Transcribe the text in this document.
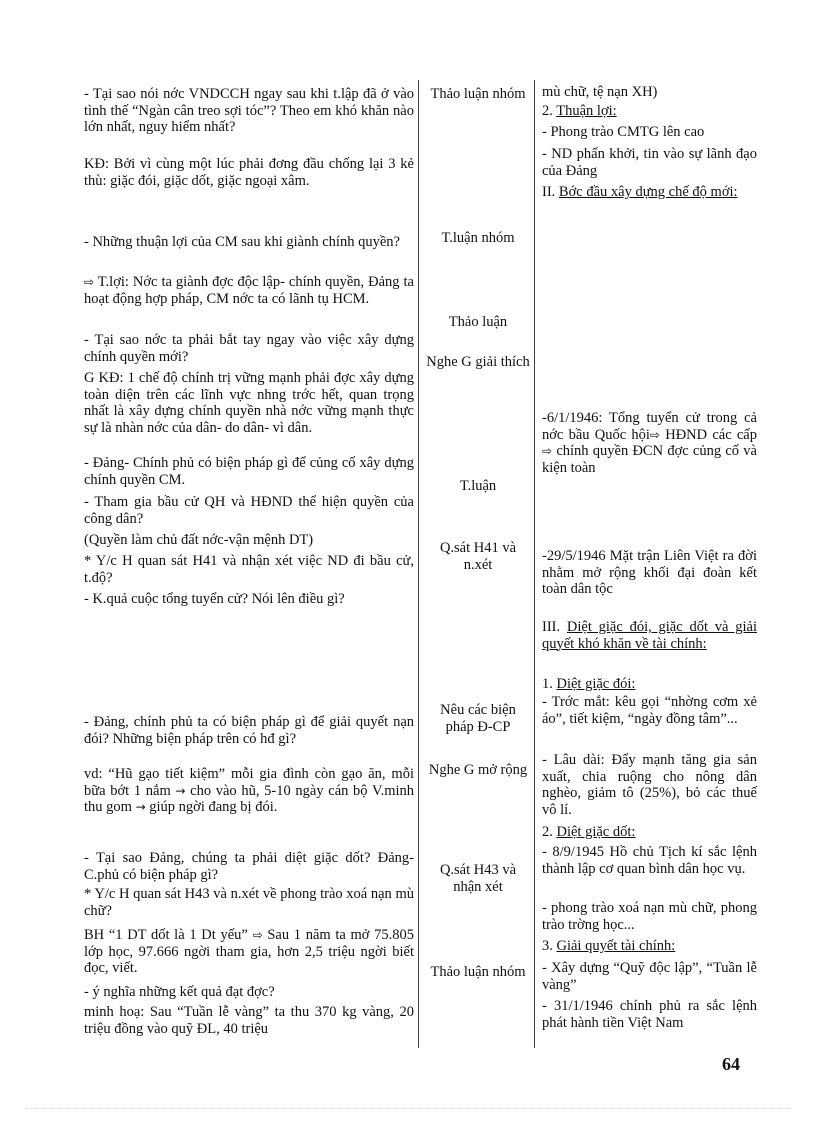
- Tại sao nói nớc VNDCCH ngay sau khi t.lập đã ở vào tình thế “Ngàn cân treo sợi tóc”? Theo em khó khăn nào lớn nhất, nguy hiểm nhất?

KĐ: Bởi vì cùng một lúc phải đơng đầu chống lại 3 kẻ thù: giặc đói, giặc dốt, giặc ngoại xâm.

- Những thuận lợi của CM sau khi giành chính quyền?

⇨ T.lợi: Nớc ta giành đợc độc lập- chính quyền, Đảng ta hoạt động hợp pháp, CM nớc ta có lãnh tụ HCM.

- Tại sao nớc ta phải bắt tay ngay vào việc xây dựng chính quyền mới?

G KĐ: 1 chế độ chính trị vững mạnh phải đợc xây dựng toàn diện trên các lĩnh vực nhng trớc hết, quan trọng nhất là xây dựng chính quyền nhà nớc vững mạnh thực sự là nhàn nớc của dân- do dân- vì dân.

- Đảng- Chính phủ có biện pháp gì để củng cố xây dựng chính quyền CM.

- Tham gia bầu cử QH và HĐND thể hiện quyền của công dân?

(Quyền làm chủ đất nớc-vận mệnh DT)

* Y/c H quan sát H41 và nhận xét việc ND đi bầu cử, t.độ?

- K.quả cuộc tổng tuyển cử? Nói lên điều gì?

- Đảng, chính phủ ta có biện pháp gì để giải quyết nạn đói? Những biện pháp trên có hđ gì?

vd: “Hũ gạo tiết kiệm” mỗi gia đình còn gạo ăn, mỗi bữa bớt 1 nắm → cho vào hũ, 5-10 ngày cán bộ V.minh thu gom → giúp ngời đang bị đói.

- Tại sao Đảng, chúng ta phải diệt giặc dốt? Đảng- C.phủ có biện pháp gì?

* Y/c H quan sát H43 và n.xét về phong trào xoá nạn mù chữ?

BH “1 DT dốt là 1 Dt yếu” ⇨ Sau 1 năm ta mở 75.805 lớp học, 97.666 ngời tham gia, hơn 2,5 triệu ngời biết đọc, viết.

- ý nghĩa những kết quả đạt đợc?

minh hoạ: Sau “Tuần lễ vàng” ta thu 370 kg vàng, 20 triệu đồng vào quỹ ĐL, 40 triệu

Thảo luận nhóm

T.luận nhóm

Thảo luận

Nghe G giải thích

T.luận

Q.sát H41 và n.xét

Nêu các biện pháp Đ-CP

Nghe G mở rộng

Q.sát H43 và nhận xét

Thảo luận nhóm

mù chữ, tệ nạn XH)

2. Thuận lợi:

- Phong trào CMTG lên cao

- ND phấn khởi, tin vào sự lãnh đạo của Đảng

II. Bớc đầu xây dựng chế độ mới:

-6/1/1946: Tổng tuyển cử trong cả nớc bầu Quốc hội⇨ HĐND các cấp⇨ chính quyền ĐCN đợc củng cố và kiện toàn

-29/5/1946 Mặt trận Liên Việt ra đời nhằm mở rộng khối đại đoàn kết toàn dân tộc

III. Diệt giặc đói, giặc dốt và giải quyết khó khăn về tài chính:

1. Diệt giặc đói:

- Trớc mắt: kêu gọi “nhờng cơm xẻ áo”, tiết kiệm, “ngày đồng tâm”...

- Lâu dài: Đẩy mạnh tăng gia sản xuất, chia ruộng cho nông dân nghèo, giảm tô (25%), bỏ các thuế vô lí.

2. Diệt giặc dốt:

- 8/9/1945 Hồ chủ Tịch kí sắc lệnh thành lập cơ quan bình dân học vụ.

- phong trào xoá nạn mù chữ, phong trào trờng học...

3. Giải quyết tài chính:

- Xây dựng “Quỹ độc lập”, “Tuần lễ vàng”

- 31/1/1946 chính phủ ra sắc lệnh phát hành tiền Việt Nam

64
